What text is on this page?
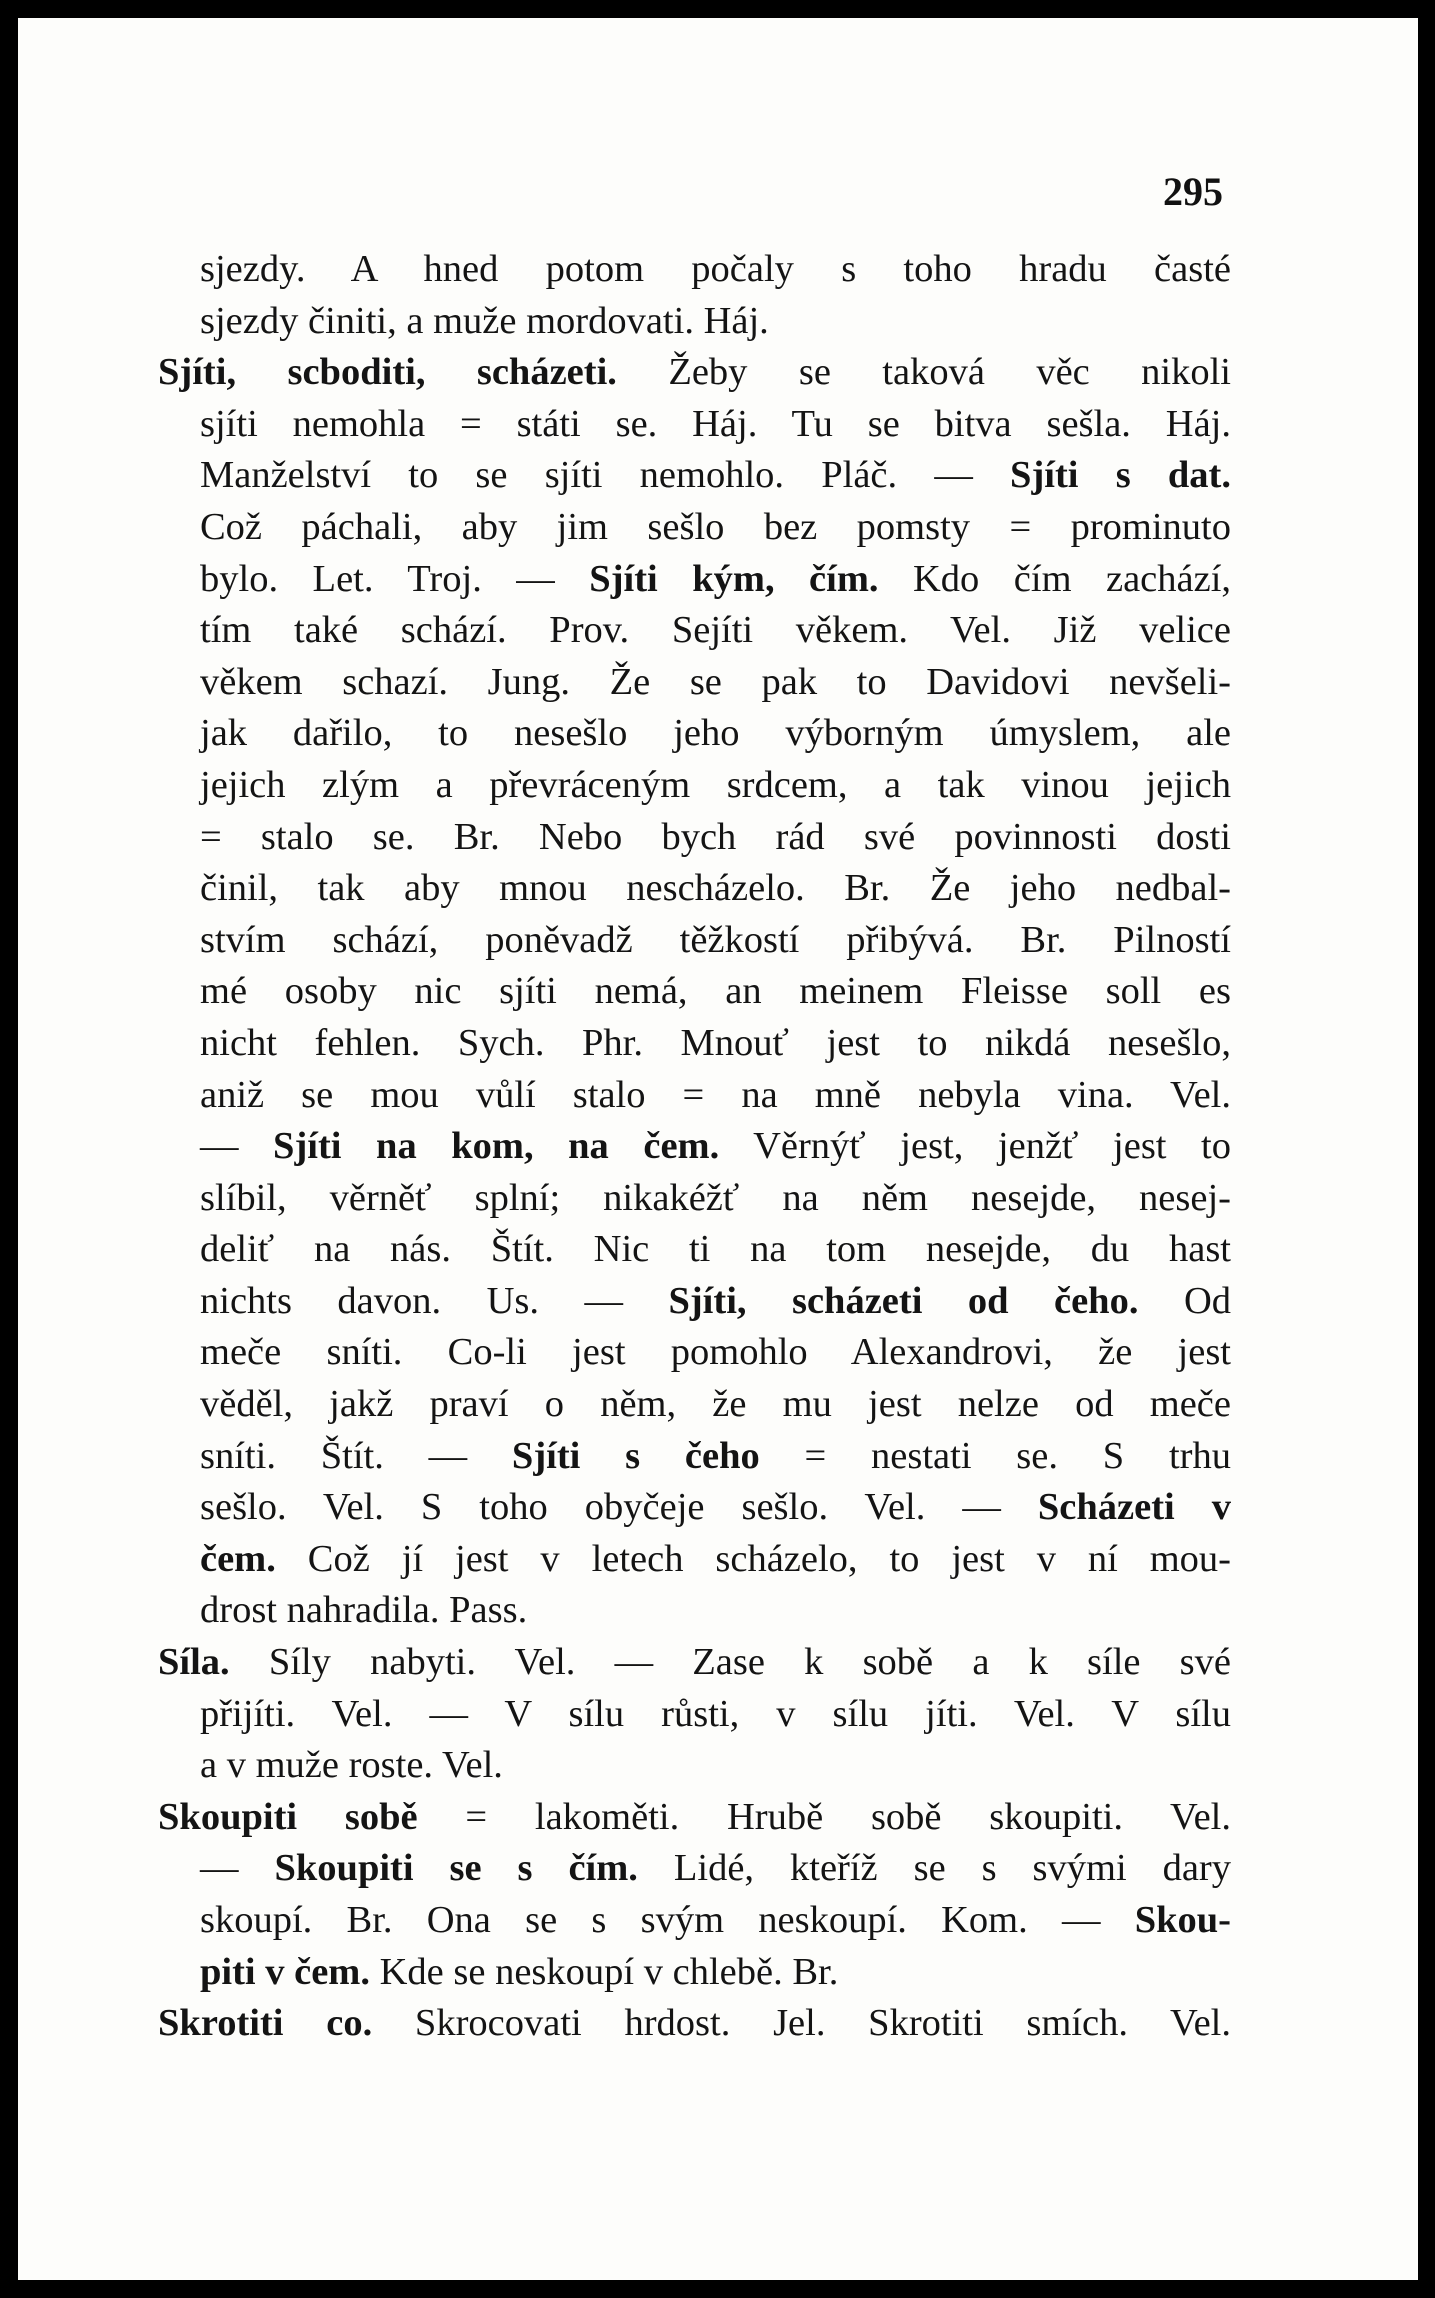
295
sjezdy. A hned potom počaly s toho hradu časté
sjezdy činiti, a muže mordovati. Háj.
Sjíti, scboditi, scházeti. Žeby se taková věc nikoli
sjíti nemohla = státi se. Háj. Tu se bitva sešla. Háj.
Manželství to se sjíti nemohlo. Pláč. — Sjíti s dat.
Což páchali, aby jim sešlo bez pomsty = prominuto
bylo. Let. Troj. — Sjíti kým, čím. Kdo čím zachází,
tím také schází. Prov. Sejíti věkem. Vel. Již velice
věkem schazí. Jung. Že se pak to Davidovi nevšeli-
jak dařilo, to nesešlo jeho výborným úmyslem, ale
jejich zlým a převráceným srdcem, a tak vinou jejich
= stalo se. Br. Nebo bych rád své povinnosti dosti
činil, tak aby mnou nescházelo. Br. Že jeho nedbal-
stvím schází, poněvadž těžkostí přibývá. Br. Pilností
mé osoby nic sjíti nemá, an meinem Fleisse soll es
nicht fehlen. Sych. Phr. Mnouť jest to nikdá nesešlo,
aniž se mou vůlí stalo = na mně nebyla vina. Vel.
— Sjíti na kom, na čem. Věrnýť jest, jenžť jest to
slíbil, věrněť splní; nikakéžť na něm nesejde, nesej-
deliť na nás. Štít. Nic ti na tom nesejde, du hast
nichts davon. Us. — Sjíti, scházeti od čeho. Od
meče sníti. Co-li jest pomohlo Alexandrovi, že jest
věděl, jakž praví o něm, že mu jest nelze od meče
sníti. Štít. — Sjíti s čeho = nestati se. S trhu
sešlo. Vel. S toho obyčeje sešlo. Vel. — Scházeti v
čem. Což jí jest v letech scházelo, to jest v ní mou-
drost nahradila. Pass.
Síla. Síly nabyti. Vel. — Zase k sobě a k síle své
přijíti. Vel. — V sílu růsti, v sílu jíti. Vel. V sílu
a v muže roste. Vel.
Skoupiti sobě = lakoměti. Hrubě sobě skoupiti. Vel.
— Skoupiti se s čím. Lidé, kteříž se s svými dary
skoupí. Br. Ona se s svým neskoupí. Kom. — Skou-
piti v čem. Kde se neskoupí v chlebě. Br.
Skrotiti co. Skrocovati hrdost. Jel. Skrotiti smích. Vel.
